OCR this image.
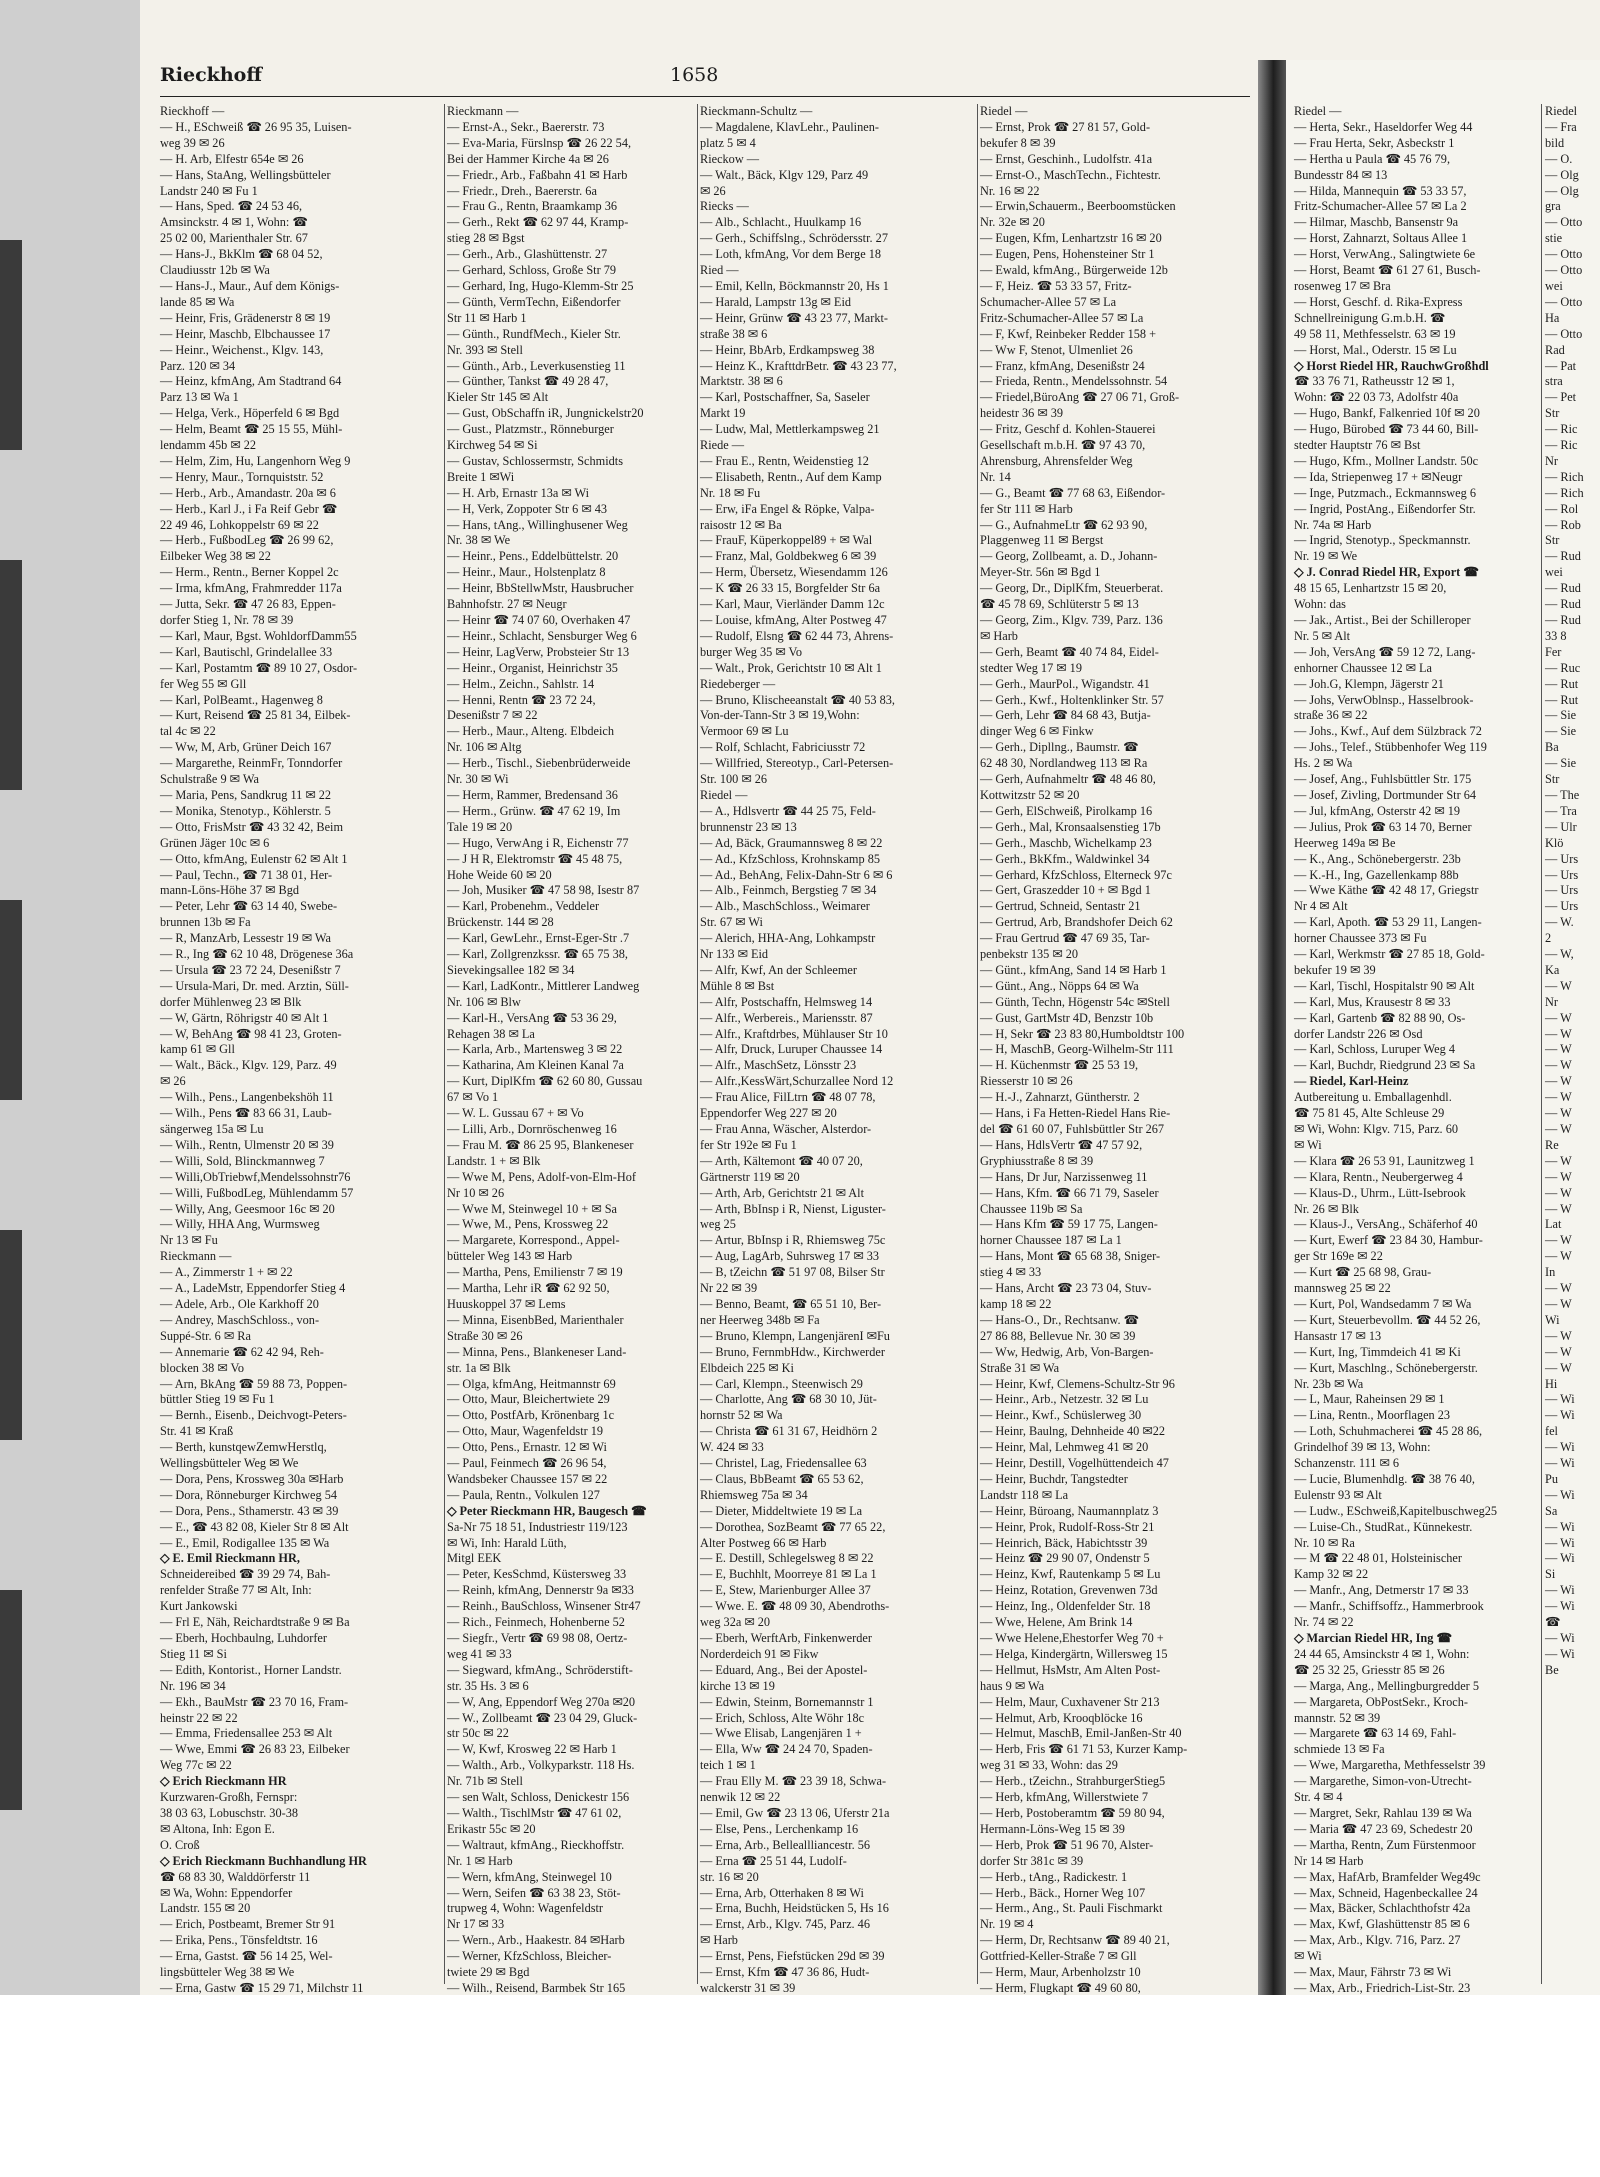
Rieckhoff	1658
Rieckhoff —
— H., ESchweiß ☎ 26 95 35, Luisen-
weg 39 ✉ 26
— H. Arb, Elfestr 654e ✉ 26
— Hans, StaAng, Wellingsbütteler
Landstr 240 ✉ Fu 1
— Hans, Sped. ☎ 24 53 46,
Amsinckstr. 4 ✉ 1, Wohn: ☎
25 02 00, Marienthaler Str. 67
— Hans-J., BkKlm ☎ 68 04 52,
Claudiusstr 12b ✉ Wa
— Hans-J., Maur., Auf dem Königs-
lande 85 ✉ Wa
— Heinr, Fris, Grädenerstr 8 ✉ 19
— Heinr, Maschb, Elbchaussee 17
— Heinr., Weichenst., Klgv. 143,
Parz. 120 ✉ 34
— Heinz, kfmAng, Am Stadtrand 64
Parz 13 ✉ Wa 1
— Helga, Verk., Höperfeld 6 ✉ Bgd
— Helm, Beamt ☎ 25 15 55, Mühl-
lendamm 45b ✉ 22
— Helm, Zim, Hu, Langenhorn Weg 9
— Henry, Maur., Tornquiststr. 52
— Herb., Arb., Amandastr. 20a ✉ 6
— Herb., Karl J., i Fa Reif Gebr ☎
22 49 46, Lohkoppelstr 69 ✉ 22
— Herb., FußbodLeg ☎ 26 99 62,
Eilbeker Weg 38 ✉ 22
— Herm., Rentn., Berner Koppel 2c
— Irma, kfmAng, Frahmredder 117a
— Jutta, Sekr. ☎ 47 26 83, Eppen-
dorfer Stieg 1, Nr. 78 ✉ 39
— Karl, Maur, Bgst. WohldorfDamm55
— Karl, Bautischl, Grindelallee 33
— Karl, Postamtm ☎ 89 10 27, Osdor-
fer Weg 55 ✉ Gll
— Karl, PolBeamt., Hagenweg 8
— Kurt, Reisend ☎ 25 81 34, Eilbek-
tal 4c ✉ 22
— Ww, M, Arb, Grüner Deich 167
— Margarethe, ReinmFr, Tonndorfer
Schulstraße 9 ✉ Wa
— Maria, Pens, Sandkrug 11 ✉ 22
— Monika, Stenotyp., Köhlerstr. 5
— Otto, FrisMstr ☎ 43 32 42, Beim
Grünen Jäger 10c ✉ 6
— Otto, kfmAng, Eulenstr 62 ✉ Alt 1
— Paul, Techn., ☎ 71 38 01, Her-
mann-Löns-Höhe 37 ✉ Bgd
— Peter, Lehr ☎ 63 14 40, Swebe-
brunnen 13b ✉ Fa
— R, ManzArb, Lessestr 19 ✉ Wa
— R., Ing ☎ 62 10 48, Drögenese 36a
— Ursula ☎ 23 72 24, Desenißstr 7
— Ursula-Mari, Dr. med. Arztin, Süll-
dorfer Mühlenweg 23 ✉ Blk
— W, Gärtn, Röhrigstr 40 ✉ Alt 1
— W, BehAng ☎ 98 41 23, Groten-
kamp 61 ✉ Gll
— Walt., Bäck., Klgv. 129, Parz. 49
✉ 26
— Wilh., Pens., Langenbekshöh 11
— Wilh., Pens ☎ 83 66 31, Laub-
sängerweg 15a ✉ Lu
— Wilh., Rentn, Ulmenstr 20 ✉ 39
— Willi, Sold, Blinckmannweg 7
— Willi,ObTriebwf,Mendelssohnstr76
— Willi, FußbodLeg, Mühlendamm 57
— Willy, Ang, Geesmoor 16c ✉ 20
— Willy, HHA Ang, Wurmsweg
Nr 13 ✉ Fu
Rieckmann —
— A., Zimmerstr 1 + ✉ 22
— A., LadeMstr, Eppendorfer Stieg 4
— Adele, Arb., Ole Karkhoff 20
— Andrey, MaschSchloss., von-
Suppé-Str. 6 ✉ Ra
— Annemarie ☎ 62 42 94, Reh-
blocken 38 ✉ Vo
— Arn, BkAng ☎ 59 88 73, Poppen-
büttler Stieg 19 ✉ Fu 1
— Bernh., Eisenb., Deichvogt-Peters-
Str. 41 ✉ Kraß
— Berth, kunstqewZemwHerstlq,
Wellingsbütteler Weg ✉ We
— Dora, Pens, Krossweg 30a ✉Harb
— Dora, Rönneburger Kirchweg 54
— Dora, Pens., Sthamerstr. 43 ✉ 39
— E., ☎ 43 82 08, Kieler Str 8 ✉ Alt
— E., Emil, Rodigallee 135 ✉ Wa
◇ E. Emil Rieckmann HR,
Schneidereibed ☎ 39 29 74, Bah-
renfelder Straße 77 ✉ Alt, Inh:
Kurt Jankowski
— Frl E, Näh, Reichardtstraße 9 ✉ Ba
— Eberh, Hochbaulng, Luhdorfer
Stieg 11 ✉ Si
— Edith, Kontorist., Horner Landstr.
Nr. 196 ✉ 34
— Ekh., BauMstr ☎ 23 70 16, Fram-
heinstr 22 ✉ 22
— Emma, Friedensallee 253 ✉ Alt
— Wwe, Emmi ☎ 26 83 23, Eilbeker
Weg 77c ✉ 22
◇ Erich Rieckmann HR
Kurzwaren-Großh, Fernspr:
38 03 63, Lobuschstr. 30-38
✉ Altona, Inh: Egon E.
O. Croß
◇ Erich Rieckmann Buchhandlung HR
☎ 68 83 30, Walddörferstr 11
✉ Wa, Wohn: Eppendorfer
Landstr. 155 ✉ 20
— Erich, Postbeamt, Bremer Str 91
— Erika, Pens., Tönsfeldtstr. 16
— Erna, Gastst. ☎ 56 14 25, Wel-
lingsbütteler Weg 38 ✉ We
— Erna, Gastw ☎ 15 29 71, Milchstr 11
Rieckmann —
— Ernst-A., Sekr., Baererstr. 73
— Eva-Maria, Fürslnsp ☎ 26 22 54,
Bei der Hammer Kirche 4a ✉ 26
— Friedr., Arb., Faßbahn 41 ✉ Harb
— Friedr., Dreh., Baererstr. 6a
— Frau G., Rentn, Braamkamp 36
— Gerh., Rekt ☎ 62 97 44, Kramp-
stieg 28 ✉ Bgst
— Gerh., Arb., Glashüttenstr. 27
— Gerhard, Schloss, Große Str 79
— Gerhard, Ing, Hugo-Klemm-Str 25
— Günth, VermTechn, Eißendorfer
Str 11 ✉ Harb 1
— Günth., RundfMech., Kieler Str.
Nr. 393 ✉ Stell
— Günth., Arb., Leverkusenstieg 11
— Günther, Tankst ☎ 49 28 47,
Kieler Str 145 ✉ Alt
— Gust, ObSchaffn iR, Jungnickelstr20
— Gust., Platzmstr., Rönneburger
Kirchweg 54 ✉ Si
— Gustav, Schlossermstr, Schmidts
Breite 1 ✉Wi
— H. Arb, Ernastr 13a ✉ Wi
— H, Verk, Zoppoter Str 6 ✉ 43
— Hans, tAng., Willinghusener Weg
Nr. 38 ✉ We
— Heinr., Pens., Eddelbüttelstr. 20
— Heinr., Maur., Holstenplatz 8
— Heinr, BbStellwMstr, Hausbrucher
Bahnhofstr. 27 ✉ Neugr
— Heinr ☎ 74 07 60, Overhaken 47
— Heinr., Schlacht, Sensburger Weg 6
— Heinr, LagVerw, Probsteier Str 13
— Heinr., Organist, Heinrichstr 35
— Helm., Zeichn., Sahlstr. 14
— Henni, Rentn ☎ 23 72 24,
Desenißstr 7 ✉ 22
— Herb., Maur., Alteng. Elbdeich
Nr. 106 ✉ Altg
— Herb., Tischl., Siebenbrüderweide
Nr. 30 ✉ Wi
— Herm, Rammer, Bredensand 36
— Herm., Grünw. ☎ 47 62 19, Im
Tale 19 ✉ 20
— Hugo, VerwAng i R, Eichenstr 77
— J H R, Elektromstr ☎ 45 48 75,
Hohe Weide 60 ✉ 20
— Joh, Musiker ☎ 47 58 98, Isestr 87
— Karl, Probenehm., Veddeler
Brückenstr. 144 ✉ 28
— Karl, GewLehr., Ernst-Eger-Str .7
— Karl, Zollgrenzkssr. ☎ 65 75 38,
Sievekingsallee 182 ✉ 34
— Karl, LadKontr., Mittlerer Landweg
Nr. 106 ✉ Blw
— Karl-H., VersAng ☎ 53 36 29,
Rehagen 38 ✉ La
— Karla, Arb., Martensweg 3 ✉ 22
— Katharina, Am Kleinen Kanal 7a
— Kurt, DiplKfm ☎ 62 60 80, Gussau
67 ✉ Vo 1
— W. L. Gussau 67 + ✉ Vo
— Lilli, Arb., Dornröschenweg 16
— Frau M. ☎ 86 25 95, Blankeneser
Landstr. 1 + ✉ Blk
— Wwe M, Pens, Adolf-von-Elm-Hof
Nr 10 ✉ 26
— Wwe M, Steinwegel 10 + ✉ Sa
— Wwe, M., Pens, Krossweg 22
— Margarete, Korrespond., Appel-
bütteler Weg 143 ✉ Harb
— Martha, Pens, Emilienstr 7 ✉ 19
— Martha, Lehr iR ☎ 62 92 50,
Huuskoppel 37 ✉ Lems
— Minna, EisenbBed, Marienthaler
Straße 30 ✉ 26
— Minna, Pens., Blankeneser Land-
str. 1a ✉ Blk
— Olga, kfmAng, Heitmannstr 69
— Otto, Maur, Bleichertwiete 29
— Otto, PostfArb, Krönenbarg 1c
— Otto, Maur, Wagenfeldstr 19
— Otto, Pens., Ernastr. 12 ✉ Wi
— Paul, Feinmech ☎ 26 96 54,
Wandsbeker Chaussee 157 ✉ 22
— Paula, Rentn., Volkulen 127
◇ Peter Rieckmann HR, Baugesch ☎
Sa-Nr 75 18 51, Industriestr 119/123
✉ Wi, Inh: Harald Lüth,
Mitgl EEK
— Peter, KesSchmd, Küstersweg 33
— Reinh, kfmAng, Dennerstr 9a ✉33
— Reinh., BauSchloss, Winsener Str47
— Rich., Feinmech, Hohenberne 52
— Siegfr., Vertr ☎ 69 98 08, Oertz-
weg 41 ✉ 33
— Siegward, kfmAng., Schröderstift-
str. 35 Hs. 3 ✉ 6
— W, Ang, Eppendorf Weg 270a ✉20
— W., Zollbeamt ☎ 23 04 29, Gluck-
str 50c ✉ 22
— W, Kwf, Krosweg 22 ✉ Harb 1
— Walth., Arb., Volkyparkstr. 118 Hs.
Nr. 71b ✉ Stell
— sen Walt, Schloss, Denickestr 156
— Walth., TischlMstr ☎ 47 61 02,
Erikastr 55c ✉ 20
— Waltraut, kfmAng., Rieckhoffstr.
Nr. 1 ✉ Harb
— Wern, kfmAng, Steinwegel 10
— Wern, Seifen ☎ 63 38 23, Stöt-
trupweg 4, Wohn: Wagenfeldstr
Nr 17 ✉ 33
— Wern., Arb., Haakestr. 84 ✉Harb
— Werner, KfzSchloss, Bleicher-
twiete 29 ✉ Bgd
— Wilh., Reisend, Barmbek Str 165
Rieckmann-Schultz —
— Magdalene, KlavLehr., Paulinen-
platz 5 ✉ 4
Rieckow —
— Walt., Bäck, Klgv 129, Parz 49
✉ 26
Riecks —
— Alb., Schlacht., Huulkamp 16
— Gerh., Schiffslng., Schrödersstr. 27
— Loth, kfmAng, Vor dem Berge 18
Ried —
— Emil, Kelln, Böckmannstr 20, Hs 1
— Harald, Lampstr 13g ✉ Eid
— Heinr, Grünw ☎ 43 23 77, Markt-
straße 38 ✉ 6
— Heinr, BbArb, Erdkampsweg 38
— Heinz K., KrafttdrBetr. ☎ 43 23 77,
Marktstr. 38 ✉ 6
— Karl, Postschaffner, Sa, Saseler
Markt 19
— Ludw, Mal, Mettlerkampsweg 21
Riede —
— Frau E., Rentn, Weidenstieg 12
— Elisabeth, Rentn., Auf dem Kamp
Nr. 18 ✉ Fu
— Erw, iFa Engel & Röpke, Valpa-
raisostr 12 ✉ Ba
— FrauF, Küperkoppel89 + ✉ Wal
— Franz, Mal, Goldbekweg 6 ✉ 39
— Herm, Übersetz, Wiesendamm 126
— K ☎ 26 33 15, Borgfelder Str 6a
— Karl, Maur, Vierländer Damm 12c
— Louise, kfmAng, Alter Postweg 47
— Rudolf, Elsng ☎ 62 44 73, Ahrens-
burger Weg 35 ✉ Vo
— Walt., Prok, Gerichtstr 10 ✉ Alt 1
Riedeberger —
— Bruno, Klischeeanstalt ☎ 40 53 83,
Von-der-Tann-Str 3 ✉ 19,Wohn:
Vermoor 69 ✉ Lu
— Rolf, Schlacht, Fabriciusstr 72
— Willfried, Stereotyp., Carl-Petersen-
Str. 100 ✉ 26
Riedel —
— A., Hdlsvertr ☎ 44 25 75, Feld-
brunnenstr 23 ✉ 13
— Ad, Bäck, Graumannsweg 8 ✉ 22
— Ad., KfzSchloss, Krohnskamp 85
— Ad., BehAng, Felix-Dahn-Str 6 ✉ 6
— Alb., Feinmch, Bergstieg 7 ✉ 34
— Alb., MaschSchloss., Weimarer
Str. 67 ✉ Wi
— Alerich, HHA-Ang, Lohkampstr
Nr 133 ✉ Eid
— Alfr, Kwf, An der Schleemer
Mühle 8 ✉ Bst
— Alfr, Postschaffn, Helmsweg 14
— Alfr., Werbereis., Mariensstr. 87
— Alfr., Kraftdrbes, Mühlauser Str 10
— Alfr, Druck, Luruper Chaussee 14
— Alfr., MaschSetz, Lönsstr 23
— Alfr.,KessWärt,Schurzallee Nord 12
— Frau Alice, FilLtrn ☎ 48 07 78,
Eppendorfer Weg 227 ✉ 20
— Frau Anna, Wäscher, Alsterdor-
fer Str 192e ✉ Fu 1
— Arth, Kältemont ☎ 40 07 20,
Gärtnerstr 119 ✉ 20
— Arth, Arb, Gerichtstr 21 ✉ Alt
— Arth, BbInsp i R, Nienst, Liguster-
weg 25
— Artur, BbInsp i R, Rhiemsweg 75c
— Aug, LagArb, Suhrsweg 17 ✉ 33
— B, tZeichn ☎ 51 97 08, Bilser Str
Nr 22 ✉ 39
— Benno, Beamt, ☎ 65 51 10, Ber-
ner Heerweg 348b ✉ Fa
— Bruno, Klempn, LangenjärenI ✉Fu
— Bruno, FernmbHdw., Kirchwerder
Elbdeich 225 ✉ Ki
— Carl, Klempn., Steenwisch 29
— Charlotte, Ang ☎ 68 30 10, Jüt-
hornstr 52 ✉ Wa
— Christa ☎ 61 31 67, Heidhörn 2
W. 424 ✉ 33
— Christel, Lag, Friedensallee 63
— Claus, BbBeamt ☎ 65 53 62,
Rhiemsweg 75a ✉ 34
— Dieter, Middeltwiete 19 ✉ La
— Dorothea, SozBeamt ☎ 77 65 22,
Alter Postweg 66 ✉ Harb
— E. Destill, Schlegelsweg 8 ✉ 22
— E, Buchhlt, Moorreye 81 ✉ La 1
— E, Stew, Marienburger Allee 37
— Wwe. E. ☎ 48 09 30, Abendroths-
weg 32a ✉ 20
— Eberh, WerftArb, Finkenwerder
Norderdeich 91 ✉ Fikw
— Eduard, Ang., Bei der Apostel-
kirche 13 ✉ 19
— Edwin, Steinm, Bornemannstr 1
— Erich, Schloss, Alte Wöhr 18c
— Wwe Elisab, Langenjären 1 +
— Ella, Ww ☎ 24 24 70, Spaden-
teich 1 ✉ 1
— Frau Elly M. ☎ 23 39 18, Schwa-
nenwik 12 ✉ 22
— Emil, Gw ☎ 23 13 06, Uferstr 21a
— Else, Pens., Lerchenkamp 16
— Erna, Arb., Belleallliancestr. 56
— Erna ☎ 25 51 44, Ludolf-
str. 16 ✉ 20
— Erna, Arb, Otterhaken 8 ✉ Wi
— Erna, Buchh, Heidstücken 5, Hs 16
— Ernst, Arb., Klgv. 745, Parz. 46
✉ Harb
— Ernst, Pens, Fiefstücken 29d ✉ 39
— Ernst, Kfm ☎ 47 36 86, Hudt-
walckerstr 31 ✉ 39
Riedel —
— Ernst, Prok ☎ 27 81 57, Gold-
bekufer 8 ✉ 39
— Ernst, Geschinh., Ludolfstr. 41a
— Ernst-O., MaschTechn., Fichtestr.
Nr. 16 ✉ 22
— Erwin,Schauerm., Beerboomstücken
Nr. 32e ✉ 20
— Eugen, Kfm, Lenhartzstr 16 ✉ 20
— Eugen, Pens, Hohensteiner Str 1
— Ewald, kfmAng., Bürgerweide 12b
— F, Heiz. ☎ 53 33 57, Fritz-
Schumacher-Allee 57 ✉ La
Fritz-Schumacher-Allee 57 ✉ La
— F, Kwf, Reinbeker Redder 158 +
— Ww F, Stenot, Ulmenliet 26
— Franz, kfmAng, Desenißstr 24
— Frieda, Rentn., Mendelssohnstr. 54
— Friedel,BüroAng ☎ 27 06 71, Groß-
heidestr 36 ✉ 39
— Fritz, Geschf d. Kohlen-Stauerei
Gesellschaft m.b.H. ☎ 97 43 70,
Ahrensburg, Ahrensfelder Weg
Nr. 14
— G., Beamt ☎ 77 68 63, Eißendor-
fer Str 111 ✉ Harb
— G., AufnahmeLtr ☎ 62 93 90,
Plaggenweg 11 ✉ Bergst
— Georg, Zollbeamt, a. D., Johann-
Meyer-Str. 56n ✉ Bgd 1
— Georg, Dr., DiplKfm, Steuerberat.
☎ 45 78 69, Schlüterstr 5 ✉ 13
— Georg, Zim., Klgv. 739, Parz. 136
✉ Harb
— Gerh, Beamt ☎ 40 74 84, Eidel-
stedter Weg 17 ✉ 19
— Gerh., MaurPol., Wigandstr. 41
— Gerh., Kwf., Holtenklinker Str. 57
— Gerh, Lehr ☎ 84 68 43, Butja-
dinger Weg 6 ✉ Finkw
— Gerh., Dipllng., Baumstr. ☎
62 48 30, Nordlandweg 113 ✉ Ra
— Gerh, Aufnahmeltr ☎ 48 46 80,
Kottwitzstr 52 ✉ 20
— Gerh, ElSchweiß, Pirolkamp 16
— Gerh., Mal, Kronsaalsenstieg 17b
— Gerh., Maschb, Wichelkamp 23
— Gerh., BkKfm., Waldwinkel 34
— Gerhard, KfzSchloss, Elterneck 97c
— Gert, Graszedder 10 + ✉ Bgd 1
— Gertrud, Schneid, Sentastr 21
— Gertrud, Arb, Brandshofer Deich 62
— Frau Gertrud ☎ 47 69 35, Tar-
penbekstr 135 ✉ 20
— Günt., kfmAng, Sand 14 ✉ Harb 1
— Günt., Ang., Nöpps 64 ✉ Wa
— Günth, Techn, Högenstr 54c ✉Stell
— Gust, GartMstr 4D, Benzstr 10b
— H, Sekr ☎ 23 83 80,Humboldtstr 100
— H, MaschB, Georg-Wilhelm-Str 111
— H. Küchenmstr ☎ 25 53 19,
Riesserstr 10 ✉ 26
— H.-J., Zahnarzt, Güntherstr. 2
— Hans, i Fa Hetten-Riedel Hans Rie-
del ☎ 61 60 07, Fuhlsbüttler Str 267
— Hans, HdlsVertr ☎ 47 57 92,
Gryphiusstraße 8 ✉ 39
— Hans, Dr Jur, Narzissenweg 11
— Hans, Kfm. ☎ 66 71 79, Saseler
Chaussee 119b ✉ Sa
— Hans Kfm ☎ 59 17 75, Langen-
horner Chaussee 187 ✉ La 1
— Hans, Mont ☎ 65 68 38, Sniger-
stieg 4 ✉ 33
— Hans, Archt ☎ 23 73 04, Stuv-
kamp 18 ✉ 22
— Hans-O., Dr., Rechtsanw. ☎
27 86 88, Bellevue Nr. 30 ✉ 39
— Ww, Hedwig, Arb, Von-Bargen-
Straße 31 ✉ Wa
— Heinr, Kwf, Clemens-Schultz-Str 96
— Heinr., Arb., Netzestr. 32 ✉ Lu
— Heinr., Kwf., Schüslerweg 30
— Heinr, Baulng, Dehnheide 40 ✉22
— Heinr, Mal, Lehmweg 41 ✉ 20
— Heinr, Destill, Vogelhüttendeich 47
— Heinr, Buchdr, Tangstedter
Landstr 118 ✉ La
— Heinr, Büroang, Naumannplatz 3
— Heinr, Prok, Rudolf-Ross-Str 21
— Heinrich, Bäck, Habichtsstr 39
— Heinz ☎ 29 90 07, Ondenstr 5
— Heinz, Kwf, Rautenkamp 5 ✉ Lu
— Heinz, Rotation, Grevenwen 73d
— Heinz, Ing., Oldenfelder Str. 18
— Wwe, Helene, Am Brink 14
— Wwe Helene,Ehestorfer Weg 70 +
— Helga, Kindergärtn, Willersweg 15
— Hellmut, HsMstr, Am Alten Post-
haus 9 ✉ Wa
— Helm, Maur, Cuxhavener Str 213
— Helmut, Arb, Krooqblöcke 16
— Helmut, MaschB, Emil-Janßen-Str 40
— Herb, Fris ☎ 61 71 53, Kurzer Kamp-
weg 31 ✉ 33, Wohn: das 29
— Herb., tZeichn., StrahburgerStieg5
— Herb, kfmAng, Willerstwiete 7
— Herb, Postoberamtm ☎ 59 80 94,
Hermann-Löns-Weg 15 ✉ 39
— Herb, Prok ☎ 51 96 70, Alster-
dorfer Str 381c ✉ 39
— Herb., tAng., Radickestr. 1
— Herb., Bäck., Horner Weg 107
— Herm., Ang., St. Pauli Fischmarkt
Nr. 19 ✉ 4
— Herm, Dr, Rechtsanw ☎ 89 40 21,
Gottfried-Keller-Straße 7 ✉ Gll
— Herm, Maur, Arbenholzstr 10
— Herm, Flugkapt ☎ 49 60 80,
Riedel —
— Herta, Sekr., Haseldorfer Weg 44
— Frau Herta, Sekr, Asbeckstr 1
— Hertha u Paula ☎ 45 76 79,
Bundesstr 84 ✉ 13
— Hilda, Mannequin ☎ 53 33 57,
Fritz-Schumacher-Allee 57 ✉ La 2
— Hilmar, Maschb, Bansenstr 9a
— Horst, Zahnarzt, Soltaus Allee 1
— Horst, VerwAng., Salingtwiete 6e
— Horst, Beamt ☎ 61 27 61, Busch-
rosenweg 17 ✉ Bra
— Horst, Geschf. d. Rika-Express
Schnellreinigung G.m.b.H. ☎
49 58 11, Methfesselstr. 63 ✉ 19
— Horst, Mal., Oderstr. 15 ✉ Lu
◇ Horst Riedel HR, RauchwGroßhdl
☎ 33 76 71, Ratheusstr 12 ✉ 1,
Wohn: ☎ 22 03 73, Adolfstr 40a
— Hugo, Bankf, Falkenried 10f ✉ 20
— Hugo, Bürobed ☎ 73 44 60, Bill-
stedter Hauptstr 76 ✉ Bst
— Hugo, Kfm., Mollner Landstr. 50c
— Ida, Striepenweg 17 + ✉Neugr
— Inge, Putzmach., Eckmannsweg 6
— Ingrid, PostAng., Eißendorfer Str.
Nr. 74a ✉ Harb
— Ingrid, Stenotyp., Speckmannstr.
Nr. 19 ✉ We
◇ J. Conrad Riedel HR, Export ☎
48 15 65, Lenhartzstr 15 ✉ 20,
Wohn: das
— Jak., Artist., Bei der Schilleroper
Nr. 5 ✉ Alt
— Joh, VersAng ☎ 59 12 72, Lang-
enhorner Chaussee 12 ✉ La
— Joh.G, Klempn, Jägerstr 21
— Johs, VerwOblnsp., Hasselbrook-
straße 36 ✉ 22
— Johs., Kwf., Auf dem Sülzbrack 72
— Johs., Telef., Stübbenhofer Weg 119
Hs. 2 ✉ Wa
— Josef, Ang., Fuhlsbüttler Str. 175
— Josef, Zivling, Dortmunder Str 64
— Jul, kfmAng, Osterstr 42 ✉ 19
— Julius, Prok ☎ 63 14 70, Berner
Heerweg 149a ✉ Be
— K., Ang., Schönebergerstr. 23b
— K.-H., Ing, Gazellenkamp 88b
— Wwe Käthe ☎ 42 48 17, Griegstr
Nr 4 ✉ Alt
— Karl, Apoth. ☎ 53 29 11, Langen-
horner Chaussee 373 ✉ Fu
— Karl, Werkmstr ☎ 27 85 18, Gold-
bekufer 19 ✉ 39
— Karl, Tischl, Hospitalstr 90 ✉ Alt
— Karl, Mus, Krausestr 8 ✉ 33
— Karl, Gartenb ☎ 82 88 90, Os-
dorfer Landstr 226 ✉ Osd
— Karl, Schloss, Luruper Weg 4
— Karl, Buchdr, Riedgrund 23 ✉ Sa
— Riedel, Karl-Heinz
Autbereitung u. Emballagenhdl.
☎ 75 81 45, Alte Schleuse 29
✉ Wi, Wohn: Klgv. 715, Parz. 60
✉ Wi
— Klara ☎ 26 53 91, Launitzweg 1
— Klara, Rentn., Neubergerweg 4
— Klaus-D., Uhrm., Lütt-Isebrook
Nr. 26 ✉ Blk
— Klaus-J., VersAng., Schäferhof 40
— Kurt, Ewerf ☎ 23 84 30, Hambur-
ger Str 169e ✉ 22
— Kurt ☎ 25 68 98, Grau-
mannsweg 25 ✉ 22
— Kurt, Pol, Wandsedamm 7 ✉ Wa
— Kurt, Steuerbevollm. ☎ 44 52 26,
Hansastr 17 ✉ 13
— Kurt, Ing, Timmdeich 41 ✉ Ki
— Kurt, Maschlng., Schönebergerstr.
Nr. 23b ✉ Wa
— L, Maur, Raheinsen 29 ✉ 1
— Lina, Rentn., Moorflagen 23
— Loth, Schuhmacherei ☎ 45 28 86,
Grindelhof 39 ✉ 13, Wohn:
Schanzenstr. 111 ✉ 6
— Lucie, Blumenhdlg. ☎ 38 76 40,
Eulenstr 93 ✉ Alt
— Ludw., ESchweiß,Kapitelbuschweg25
— Luise-Ch., StudRat., Künnekestr.
Nr. 10 ✉ Ra
— M ☎ 22 48 01, Holsteinischer
Kamp 32 ✉ 22
— Manfr., Ang, Detmerstr 17 ✉ 33
— Manfr., Schiffsoffz., Hammerbrook
Nr. 74 ✉ 22
◇ Marcian Riedel HR, Ing ☎
24 44 65, Amsinckstr 4 ✉ 1, Wohn:
☎ 25 32 25, Griesstr 85 ✉ 26
— Marga, Ang., Mellingburgredder 5
— Margareta, ObPostSekr., Kroch-
mannstr. 52 ✉ 39
— Margarete ☎ 63 14 69, Fahl-
schmiede 13 ✉ Fa
— Wwe, Margaretha, Methfesselstr 39
— Margarethe, Simon-von-Utrecht-
Str. 4 ✉ 4
— Margret, Sekr, Rahlau 139 ✉ Wa
— Maria ☎ 47 23 69, Schedestr 20
— Martha, Rentn, Zum Fürstenmoor
Nr 14 ✉ Harb
— Max, HafArb, Bramfelder Weg49c
— Max, Schneid, Hagenbeckallee 24
— Max, Bäcker, Schlachthofstr 42a
— Max, Kwf, Glashüttenstr 85 ✉ 6
— Max, Arb., Klgv. 716, Parz. 27
✉ Wi
— Max, Maur, Fährstr 73 ✉ Wi
— Max, Arb., Friedrich-List-Str. 23
Riedel
— Fra
bild
— O.
— Olg
— Olg
gra
— Otto
stie
— Otto
— Otto
wei
— Otto
Ha
— Otto
Rad
— Pat
stra
— Pet
Str
— Ric
— Ric
Nr
— Rich
— Rich
— Rol
— Rob
Str
— Rud
wei
— Rud
— Rud
— Rud
33 8
Fer
— Ruc
— Rut
— Rut
— Sie
— Sie
Ba
— Sie
Str
— The
— Tra
— Ulr
Klö
— Urs
— Urs
— Urs
— Urs
— W.
2
— W,
Ka
— W
Nr
— W
— W
— W
— W
— W
— W
— W
— W
Re
— W
— W
— W
— W
Lat
— W
— W
In
— W
— W
Wi
— W
— W
— W
Hi
— Wi
— Wi
fel
— Wi
— Wi
Pu
— Wi
Sa
— Wi
— Wi
— Wi
Si
— Wi
— Wi
☎
— Wi
— Wi
Be
